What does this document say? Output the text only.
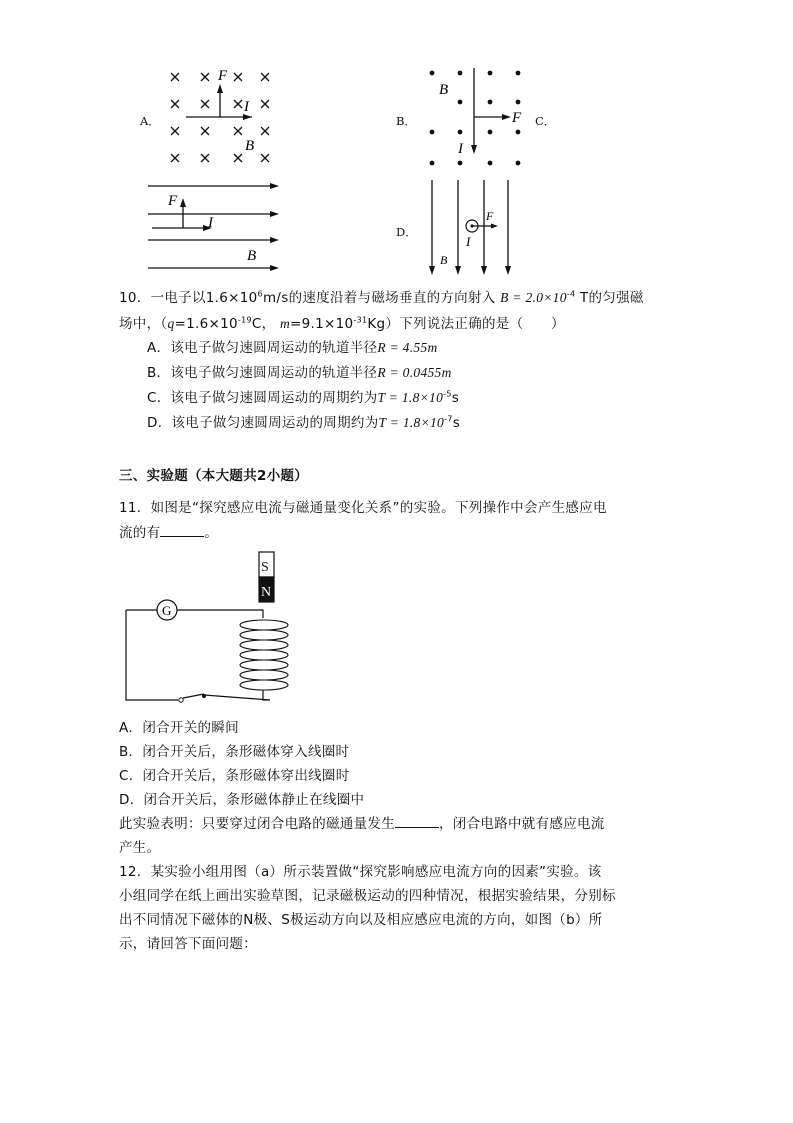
A．
F
I
B
B．
B
F
I
C．
F
I
B
D．
F
I
B
10．一电子以$1.6\times 10^6m/s$的速度沿着与磁场垂直的方向射入 $B = 2.0\times 10^{-4}$ T的匀强磁
场中，（$q=1.6\times 10^{-19}C$， $m=9.1\times 10^{-31}Kg$）下列说法正确的是（　　）
A．该电子做匀速圆周运动的轨道半径R = 4.55m
B．该电子做匀速圆周运动的轨道半径R = 0.0455m
C．该电子做匀速圆周运动的周期约为$T = 1.8\times 10^{-5}s$
D．该电子做匀速圆周运动的周期约为$T = 1.8\times 10^{-7}s$
三、实验题（本大题共2小题）
11．如图是“探究感应电流与磁通量变化关系”的实验。下列操作中会产生感应电
流的有	。
S
N
G
A．闭合开关的瞬间
B．闭合开关后，条形磁体穿入线圈时
C．闭合开关后，条形磁体穿出线圈时
D．闭合开关后，条形磁体静止在线圈中
此实验表明：只要穿过闭合电路的磁通量发生	，闭合电路中就有感应电流
产生。
12．某实验小组用图（a）所示装置做“探究影响感应电流方向的因素”实验。该
小组同学在纸上画出实验草图，记录磁极运动的四种情况，根据实验结果，分别标
出不同情况下磁体的N极、S极运动方向以及相应感应电流的方向，如图（b）所
示，请回答下面问题：
